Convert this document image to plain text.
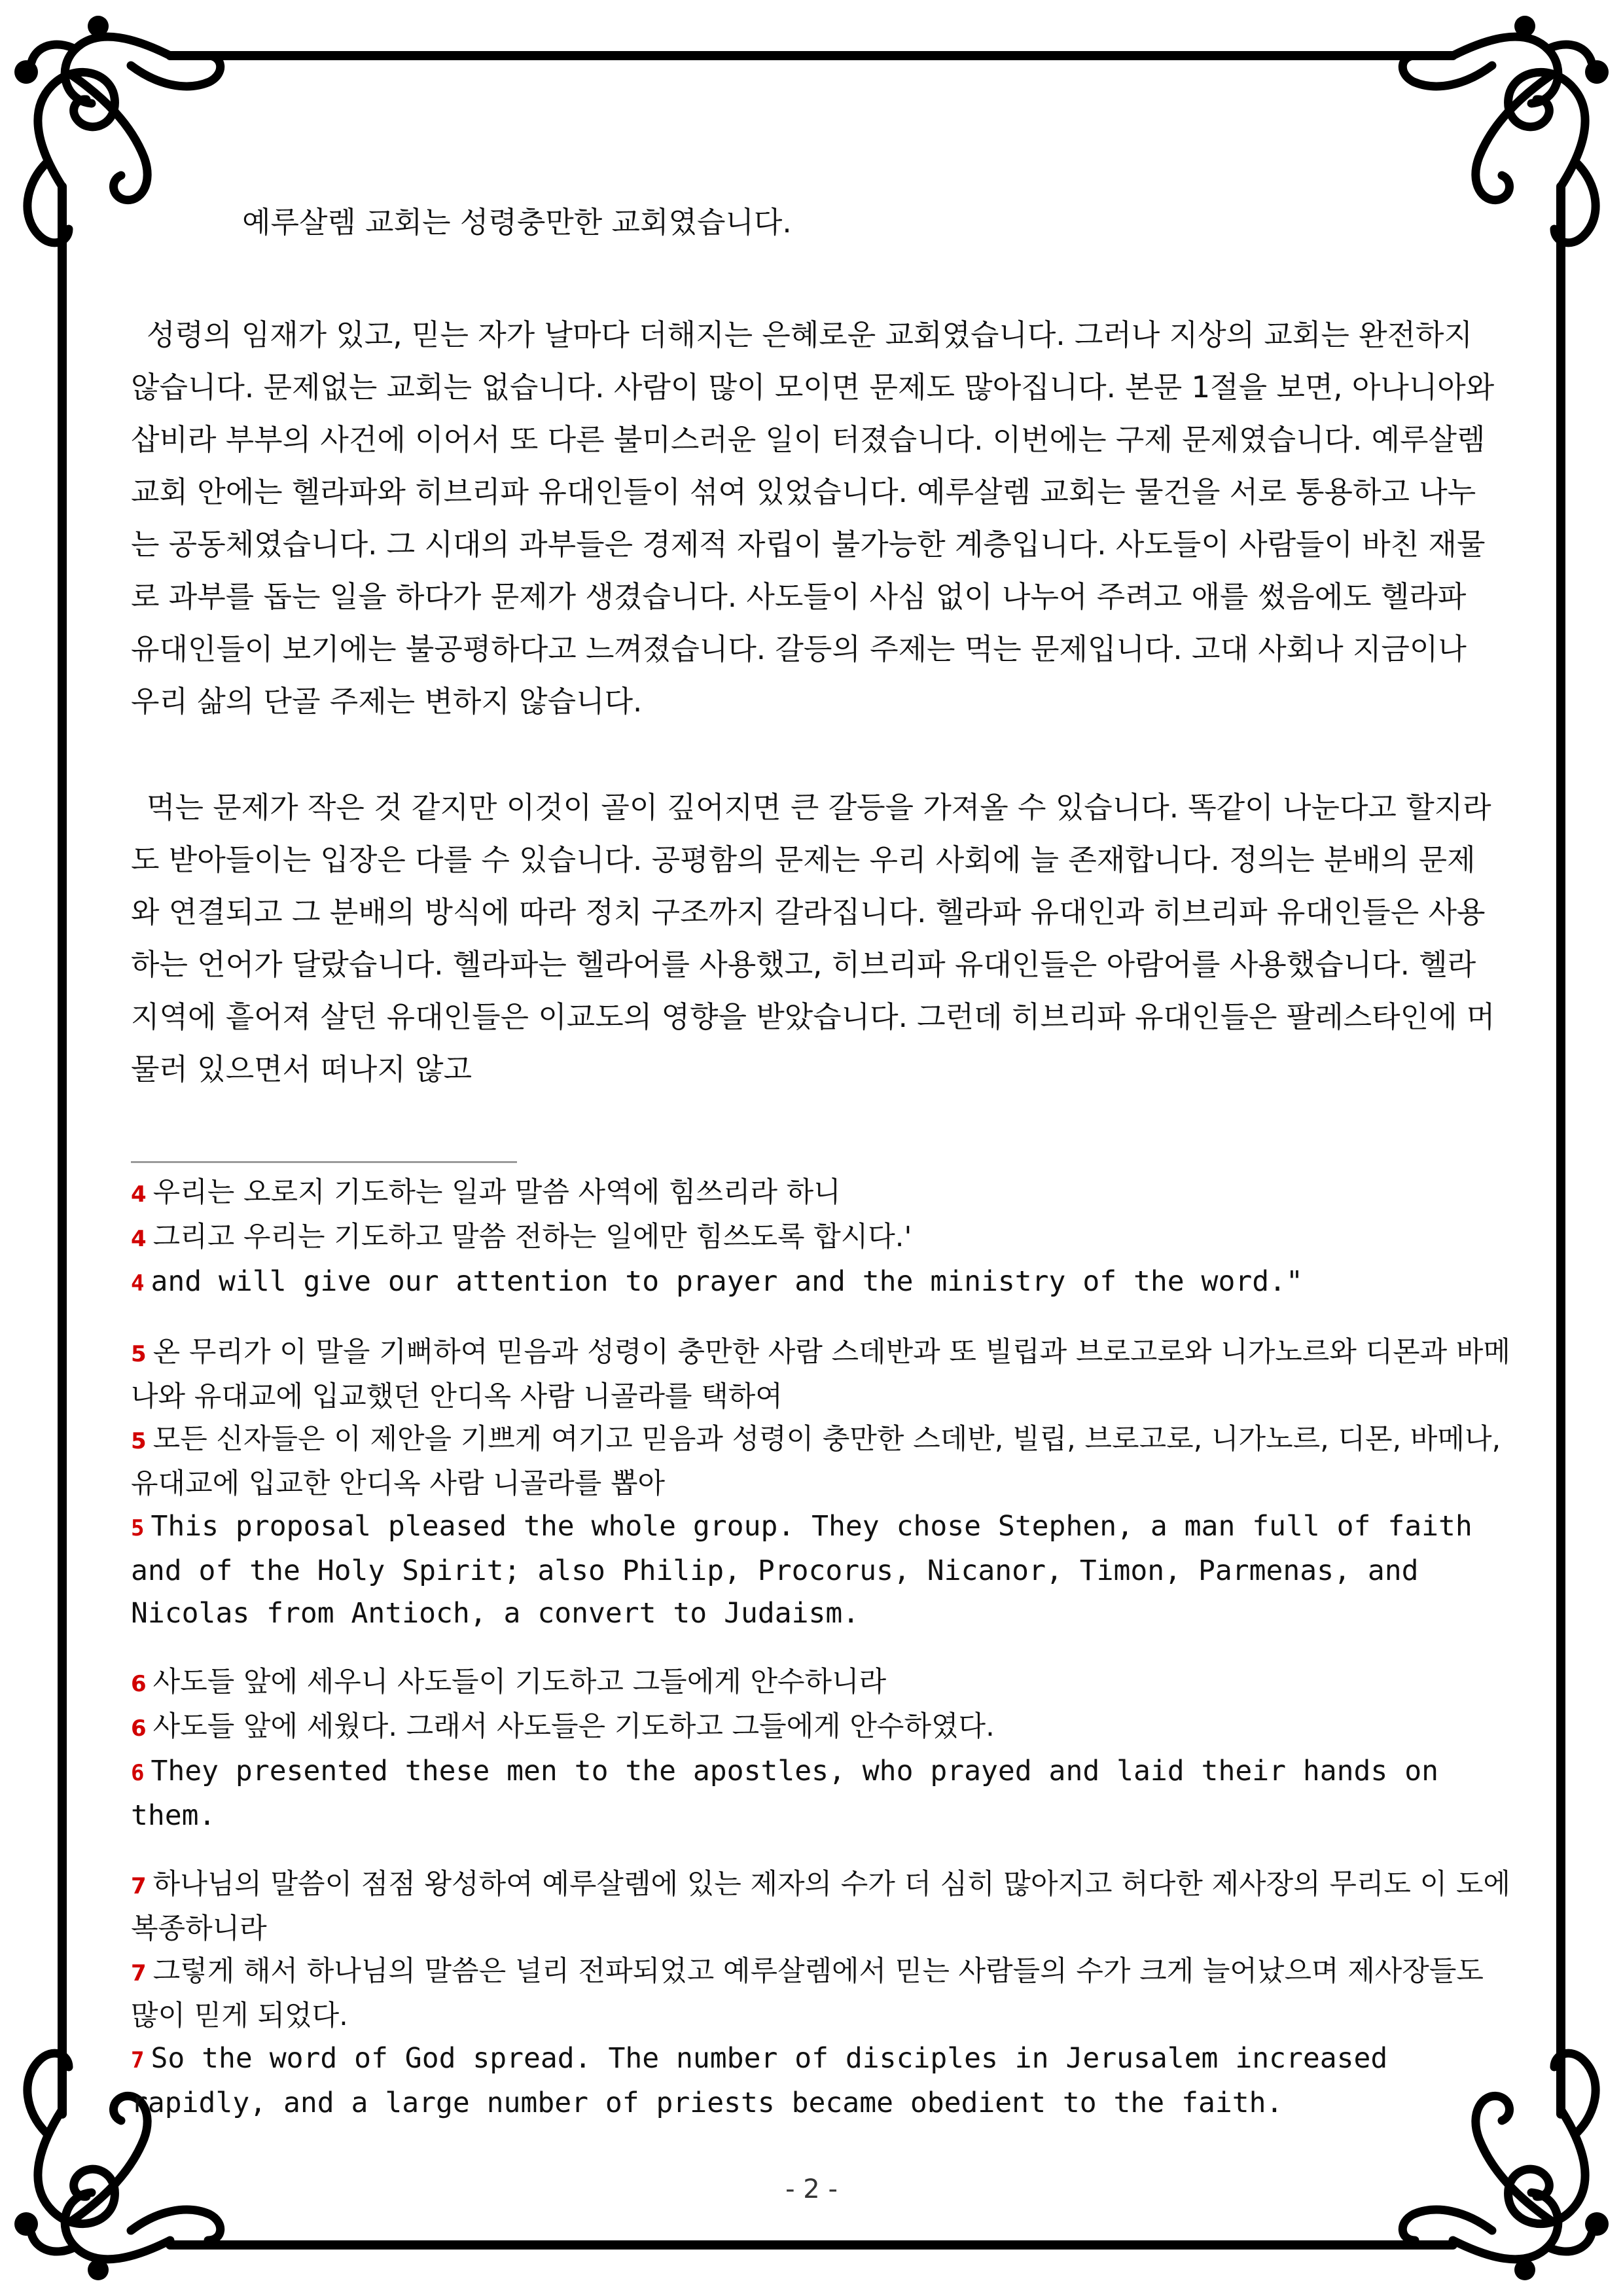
예루살렘 교회는 성령충만한 교회였습니다.

성령의 임재가 있고, 믿는 자가 날마다 더해지는 은혜로운 교회였습니다. 그러나 지상의 교회는 완전하지 않습니다. 문제없는 교회는 없습니다. 사람이 많이 모이면 문제도 많아집니다. 본문 1절을 보면, 아나니아와 삽비라 부부의 사건에 이어서 또 다른 불미스러운 일이 터졌습니다. 이번에는 구제 문제였습니다. 예루살렘 교회 안에는 헬라파와 히브리파 유대인들이 섞여 있었습니다. 예루살렘 교회는 물건을 서로 통용하고 나누는 공동체였습니다. 그 시대의 과부들은 경제적 자립이 불가능한 계층입니다. 사도들이 사람들이 바친 재물로 과부를 돕는 일을 하다가 문제가 생겼습니다. 사도들이 사심 없이 나누어 주려고 애를 썼음에도 헬라파 유대인들이 보기에는 불공평하다고 느껴졌습니다. 갈등의 주제는 먹는 문제입니다. 고대 사회나 지금이나 우리 삶의 단골 주제는 변하지 않습니다.

먹는 문제가 작은 것 같지만 이것이 골이 깊어지면 큰 갈등을 가져올 수 있습니다. 똑같이 나눈다고 할지라도 받아들이는 입장은 다를 수 있습니다. 공평함의 문제는 우리 사회에 늘 존재합니다. 정의는 분배의 문제와 연결되고 그 분배의 방식에 따라 정치 구조까지 갈라집니다. 헬라파 유대인과 히브리파 유대인들은 사용하는 언어가 달랐습니다. 헬라파는 헬라어를 사용했고, 히브리파 유대인들은 아람어를 사용했습니다. 헬라 지역에 흩어져 살던 유대인들은 이교도의 영향을 받았습니다. 그런데 히브리파 유대인들은 팔레스타인에 머물러 있으면서 떠나지 않고

4 우리는 오로지 기도하는 일과 말씀 사역에 힘쓰리라 하니

4 그리고 우리는 기도하고 말씀 전하는 일에만 힘쓰도록 합시다.'

4 and will give our attention to prayer and the ministry of the word."

5 온 무리가 이 말을 기뻐하여 믿음과 성령이 충만한 사람 스데반과 또 빌립과 브로고로와 니가노르와 디몬과 바메나와 유대교에 입교했던 안디옥 사람 니골라를 택하여

5 모든 신자들은 이 제안을 기쁘게 여기고 믿음과 성령이 충만한 스데반, 빌립, 브로고로, 니가노르, 디몬, 바메나, 유대교에 입교한 안디옥 사람 니골라를 뽑아

5 This proposal pleased the whole group. They chose Stephen, a man full of faith and of the Holy Spirit; also Philip, Procorus, Nicanor, Timon, Parmenas, and Nicolas from Antioch, a convert to Judaism.

6 사도들 앞에 세우니 사도들이 기도하고 그들에게 안수하니라

6 사도들 앞에 세웠다. 그래서 사도들은 기도하고 그들에게 안수하였다.

6 They presented these men to the apostles, who prayed and laid their hands on them.

7 하나님의 말씀이 점점 왕성하여 예루살렘에 있는 제자의 수가 더 심히 많아지고 허다한 제사장의 무리도 이 도에 복종하니라

7 그렇게 해서 하나님의 말씀은 널리 전파되었고 예루살렘에서 믿는 사람들의 수가 크게 늘어났으며 제사장들도 많이 믿게 되었다.

7 So the word of God spread. The number of disciples in Jerusalem increased rapidly, and a large number of priests became obedient to the faith.

- 2 -
